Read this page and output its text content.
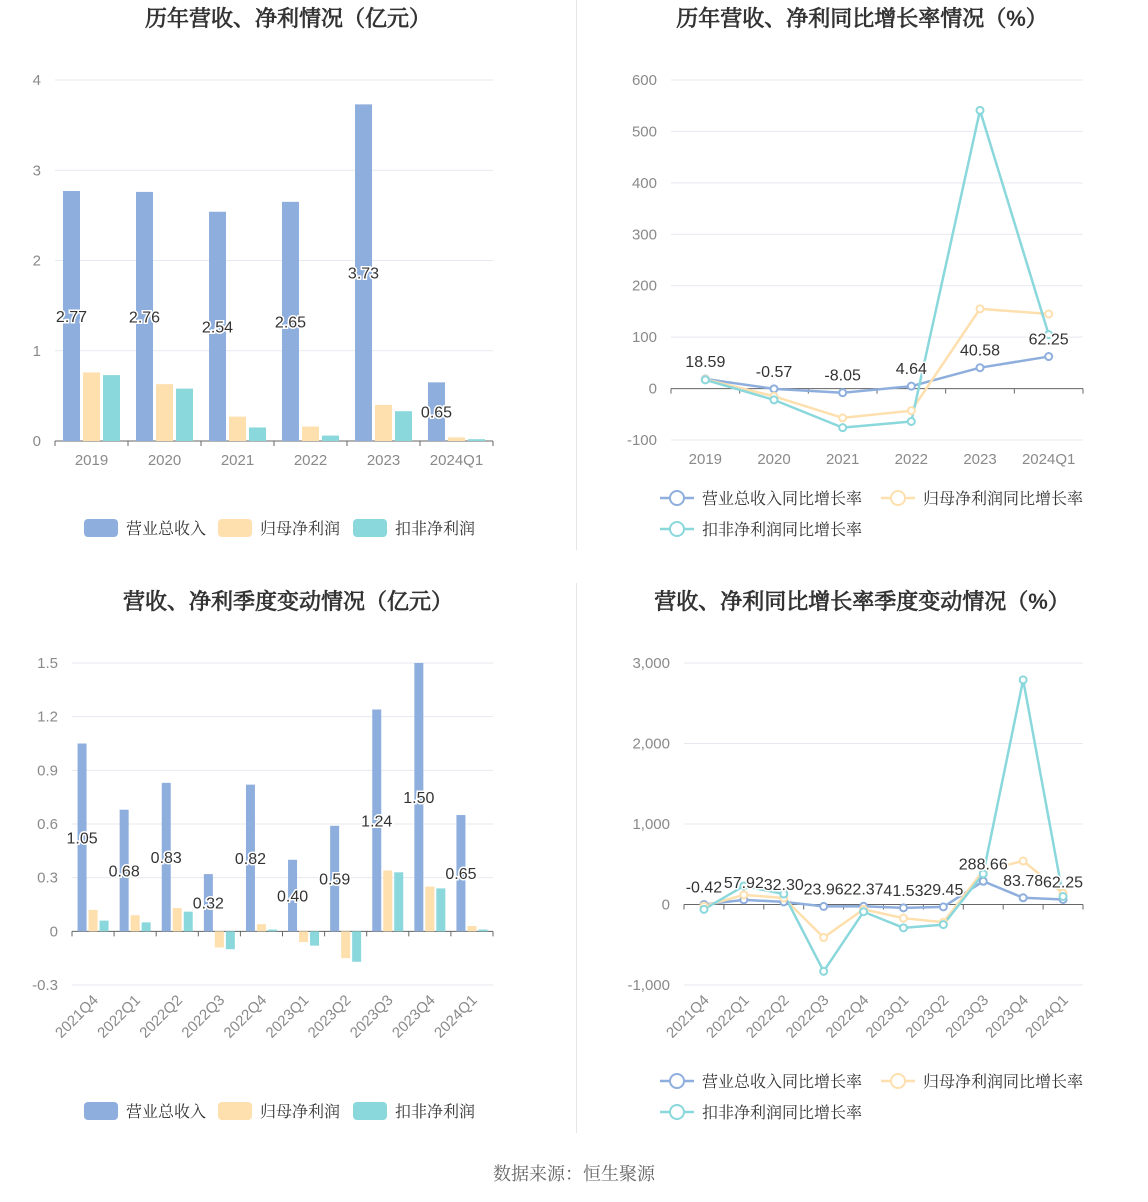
历年营收、净利情况（亿元）
0
1
2
3
4
2019	2020	2021	2022	2023 2024Q1
2.77	2.76
2.54	2.65
3.73
0.65
营业总收入	归母净利润	扣非净利润
历年营收、净利同比增长率情况（%）
-100
0
100
200
300
400
500
600
2019 2020 2021 2022 2023 2024Q1
18.59
-0.57 -8.05 4.64
40.58
62.25
营业总收入同比增长率	归母净利润同比增长率
扣非净利润同比增长率
营收、净利季度变动情况（亿元）
-0.3
0
0.3
0.6
0.9
1.2
1.5
2021Q4
2022Q1
2022Q2
2022Q3
2022Q4
2023Q1
2023Q2
2023Q3
2023Q4
2024Q1
1.05
0.68
0.83
0.32
0.82
0.40
0.59
1.24
1.50
0.65
营业总收入	归母净利润	扣非净利润
营收、净利同比增长率季度变动情况（%）
-1,000
0
1,000
2,000
3,000
2021Q4
2022Q1
2022Q2
2022Q3
2022Q4
2023Q1
2023Q2
2023Q3
2023Q4
2024Q1
-0.42 57.92 32.30 23.96 22.37 41.53 29.45
288.66
83.78 62.25
营业总收入同比增长率	归母净利润同比增长率
扣非净利润同比增长率
数据来源：恒生聚源
